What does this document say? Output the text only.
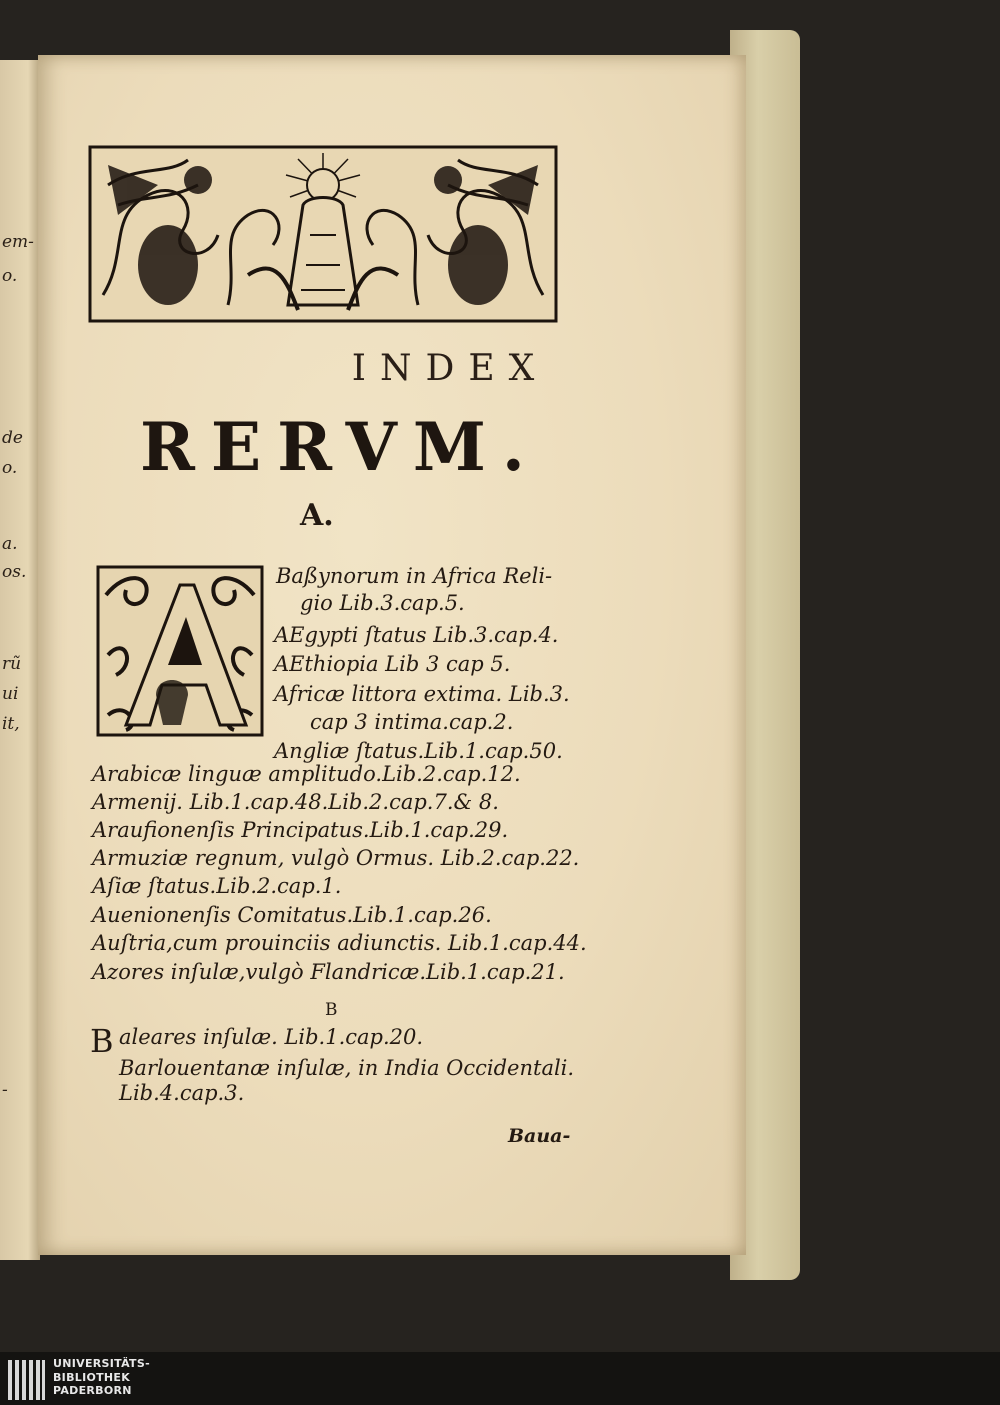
em-
o.
de
o.
a.
os.
rũ
ui
it,
-
INDEX
RERVM.
A.
Baßynorum in Africa Reli-
gio Lib.3.cap.5.
AEgypti ſtatus Lib.3.cap.4.
AEthiopia Lib 3 cap 5.
Africæ littora extima. Lib.3.
cap 3 intima.cap.2.
Angliæ ſtatus.Lib.1.cap.50.
Arabicæ linguæ amplitudo.Lib.2.cap.12.
Armenij. Lib.1.cap.48.Lib.2.cap.7.& 8.
Araufionenſis Principatus.Lib.1.cap.29.
Armuziæ regnum, vulgò Ormus. Lib.2.cap.22.
Aſiæ ſtatus.Lib.2.cap.1.
Auenionenſis Comitatus.Lib.1.cap.26.
Auſtria,cum prouinciis adiunctis. Lib.1.cap.44.
Azores inſulæ,vulgò Flandricæ.Lib.1.cap.21.
B
B aleares inſulæ. Lib.1.cap.20.
Barlouentanæ inſulæ, in India Occidentali.
Lib.4.cap.3.
Baua-
UNIVERSITÄTS-
BIBLIOTHEK
PADERBORN
